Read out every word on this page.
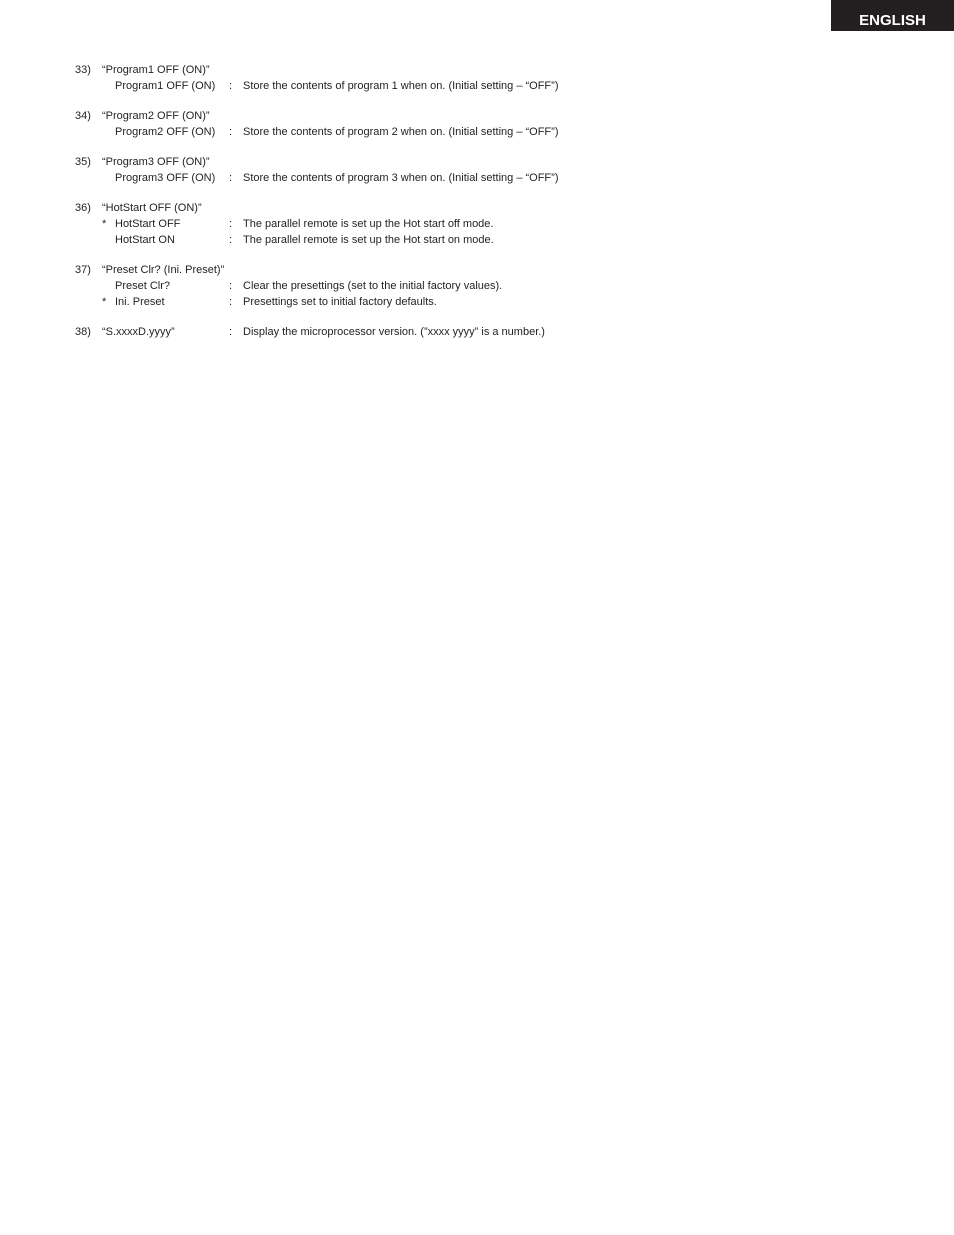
ENGLISH
33) “Program1 OFF (ON)”
Program1 OFF (ON) : Store the contents of program 1 when on. (Initial setting – “OFF”)
34) “Program2 OFF (ON)”
Program2 OFF (ON) : Store the contents of program 2 when on. (Initial setting – “OFF”)
35) “Program3 OFF (ON)”
Program3 OFF (ON) : Store the contents of program 3 when on. (Initial setting – “OFF”)
36) “HotStart OFF (ON)”
* HotStart OFF	: The parallel remote is set up the Hot start off mode.
HotStart ON	: The parallel remote is set up the Hot start on mode.
37) “Preset Clr? (Ini. Preset)”
Preset Clr?	: Clear the presettings (set to the initial factory values).
* Ini. Preset	: Presettings set to initial factory defaults.
38) “S.xxxxD.yyyy”	: Display the microprocessor version. (”xxxx yyyy” is a number.)
